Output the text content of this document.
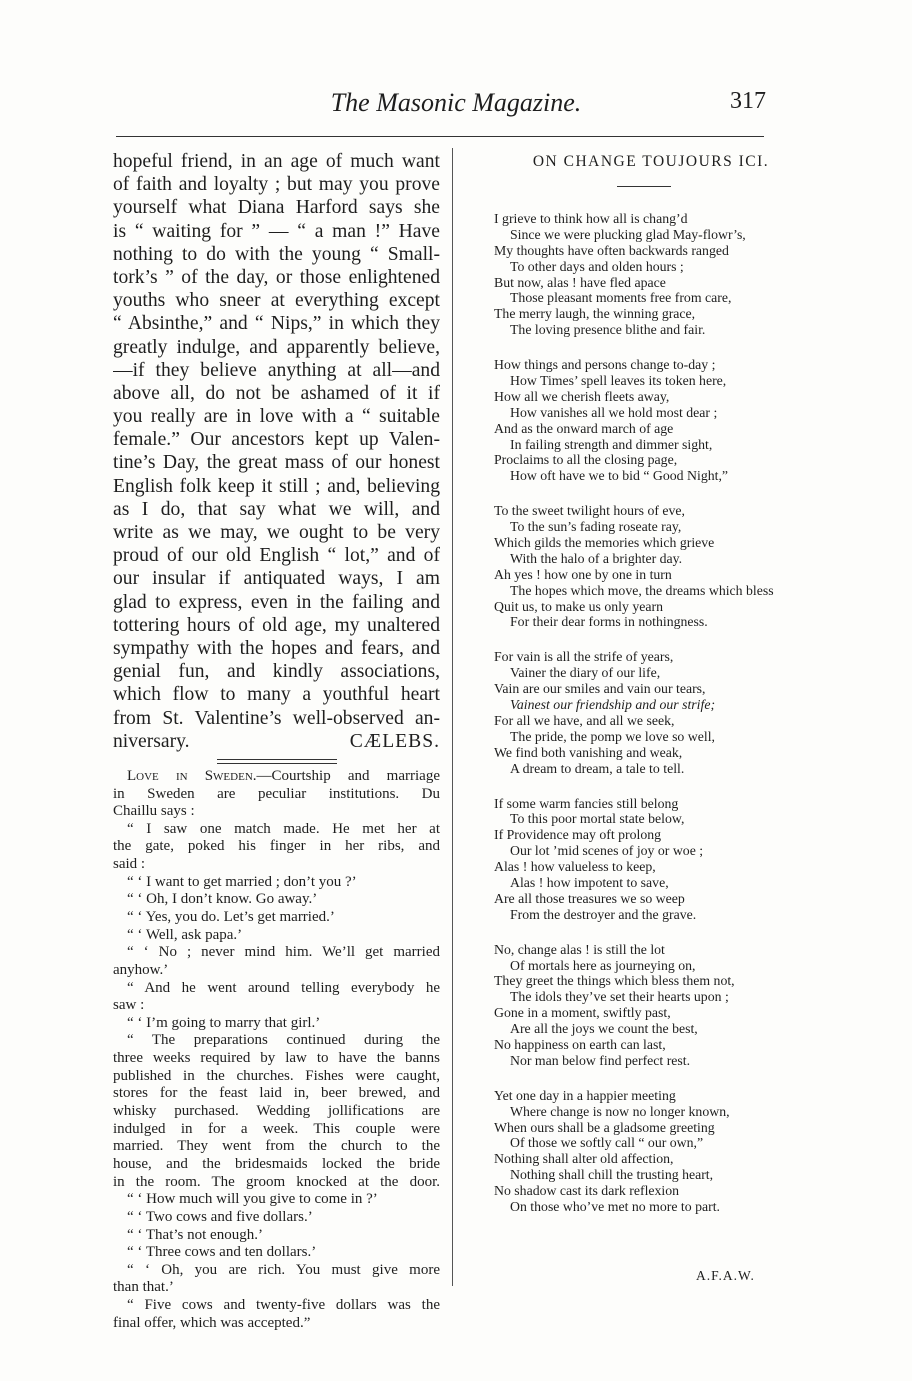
The Masonic Magazine.	317
hopeful friend, in an age of much want
of faith and loyalty ; but may you prove
yourself what Diana Harford says she
is “ waiting for ” — “ a man !” Have
nothing to do with the young “ Small-
tork’s ” of the day, or those enlightened
youths who sneer at everything except
“ Absinthe,” and “ Nips,” in which they
greatly indulge, and apparently believe,
—if they believe anything at all—and
above all, do not be ashamed of it if
you really are in love with a “ suitable
female.” Our ancestors kept up Valen-
tine’s Day, the great mass of our honest
English folk keep it still ; and, believing
as I do, that say what we will, and
write as we may, we ought to be very
proud of our old English “ lot,” and of
our insular if antiquated ways, I am
glad to express, even in the failing and
tottering hours of old age, my unaltered
sympathy with the hopes and fears, and
genial fun, and kindly associations,
which flow to many a youthful heart
from St. Valentine’s well-observed an-
niversary.	CÆLEBS.
Love in Sweden.—Courtship and marriage
in Sweden are peculiar institutions. Du
Chaillu says :
“ I saw one match made. He met her at
the gate, poked his finger in her ribs, and
said :
“ ‘ I want to get married ; don’t you ?’
“ ‘ Oh, I don’t know. Go away.’
“ ‘ Yes, you do. Let’s get married.’
“ ‘ Well, ask papa.’
“ ‘ No ; never mind him. We’ll get married
anyhow.’
“ And he went around telling everybody he
saw :
“ ‘ I’m going to marry that girl.’
“ The preparations continued during the
three weeks required by law to have the banns
published in the churches. Fishes were caught,
stores for the feast laid in, beer brewed, and
whisky purchased. Wedding jollifications are
indulged in for a week. This couple were
married. They went from the church to the
house, and the bridesmaids locked the bride
in the room. The groom knocked at the door.
“ ‘ How much will you give to come in ?’
“ ‘ Two cows and five dollars.’
“ ‘ That’s not enough.’
“ ‘ Three cows and ten dollars.’
“ ‘ Oh, you are rich. You must give more
than that.’
“ Five cows and twenty-five dollars was the
final offer, which was accepted.”
ON CHANGE TOUJOURS ICI.
I grieve to think how all is chang’d
Since we were plucking glad May-flowr’s,
My thoughts have often backwards ranged
To other days and olden hours ;
But now, alas ! have fled apace
Those pleasant moments free from care,
The merry laugh, the winning grace,
The loving presence blithe and fair.
How things and persons change to-day ;
How Times’ spell leaves its token here,
How all we cherish fleets away,
How vanishes all we hold most dear ;
And as the onward march of age
In failing strength and dimmer sight,
Proclaims to all the closing page,
How oft have we to bid “ Good Night,”
To the sweet twilight hours of eve,
To the sun’s fading roseate ray,
Which gilds the memories which grieve
With the halo of a brighter day.
Ah yes ! how one by one in turn
The hopes which move, the dreams which bless
Quit us, to make us only yearn
For their dear forms in nothingness.
For vain is all the strife of years,
Vainer the diary of our life,
Vain are our smiles and vain our tears,
Vainest our friendship and our strife;
For all we have, and all we seek,
The pride, the pomp we love so well,
We find both vanishing and weak,
A dream to dream, a tale to tell.
If some warm fancies still belong
To this poor mortal state below,
If Providence may oft prolong
Our lot ’mid scenes of joy or woe ;
Alas ! how valueless to keep,
Alas ! how impotent to save,
Are all those treasures we so weep
From the destroyer and the grave.
No, change alas ! is still the lot
Of mortals here as journeying on,
They greet the things which bless them not,
The idols they’ve set their hearts upon ;
Gone in a moment, swiftly past,
Are all the joys we count the best,
No happiness on earth can last,
Nor man below find perfect rest.
Yet one day in a happier meeting
Where change is now no longer known,
When ours shall be a gladsome greeting
Of those we softly call “ our own,”
Nothing shall alter old affection,
Nothing shall chill the trusting heart,
No shadow cast its dark reflexion
On those who’ve met no more to part.
A.F.A.W.
